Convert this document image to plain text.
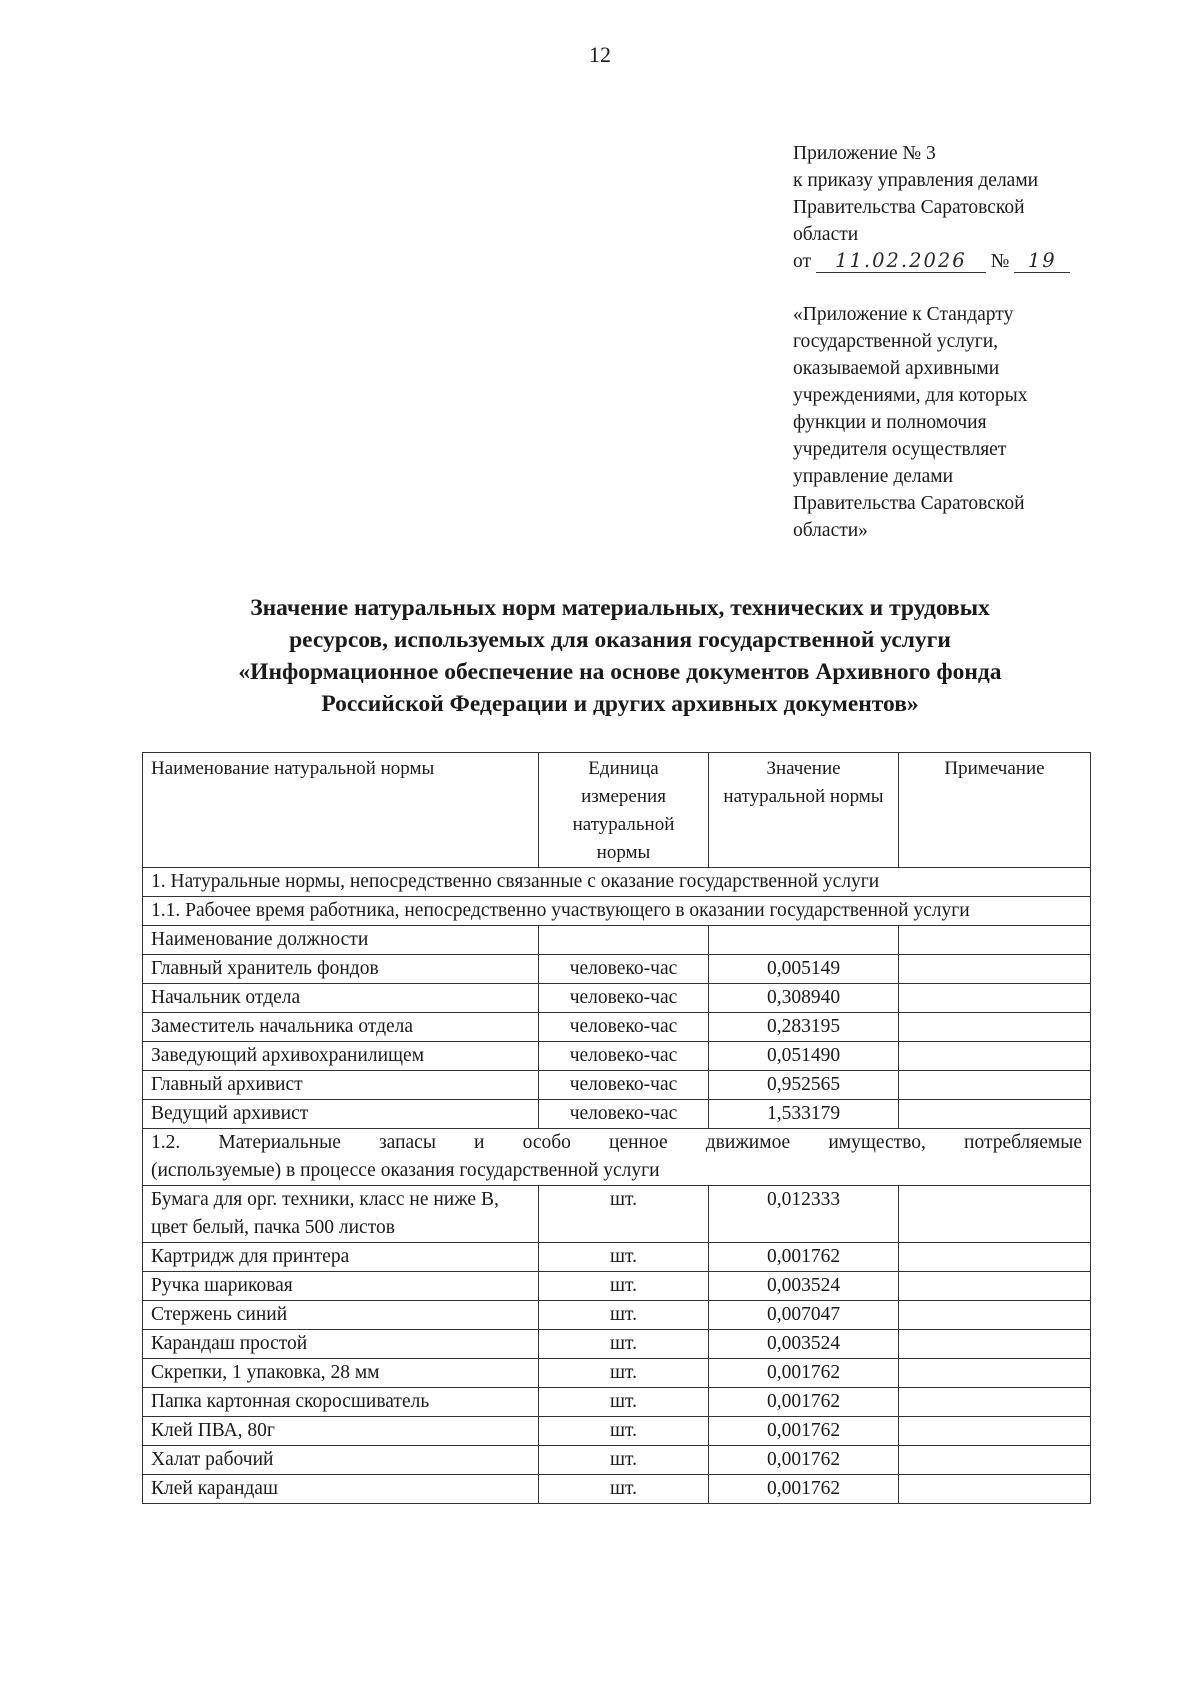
12
Приложение № 3
к приказу управления делами
Правительства Саратовской
области
от 11.02.2026 № 19
«Приложение к Стандарту
государственной услуги,
оказываемой архивными
учреждениями, для которых
функции и полномочия
учредителя осуществляет
управление делами
Правительства Саратовской
области»
Значение натуральных норм материальных, технических и трудовых
ресурсов, используемых для оказания государственной услуги
«Информационное обеспечение на основе документов Архивного фонда
Российской Федерации и других архивных документов»
Наименование натуральной нормы	Единица измерения натуральной нормы	Значение натуральной нормы	Примечание
1. Натуральные нормы, непосредственно связанные с оказание государственной услуги			
1.1. Рабочее время работника, непосредственно участвующего в оказании государственной услуги			
Наименование должности			
Главный хранитель фондов	человеко-час	0,005149	
Начальник отдела	человеко-час	0,308940	
Заместитель начальника отдела	человеко-час	0,283195	
Заведующий архивохранилищем	человеко-час	0,051490	
Главный архивист	человеко-час	0,952565	
Ведущий архивист	человеко-час	1,533179	

1.2. Материальные запасы и особо ценное движимое имущество, потребляемые
(используемые) в процессе оказания государственной услуги			

Бумага для орг. техники, класс не ниже В, цвет белый, пачка 500 листов	шт.	0,012333	
Картридж для принтера	шт.	0,001762	
Ручка шариковая	шт.	0,003524	
Стержень синий	шт.	0,007047	
Карандаш простой	шт.	0,003524	
Скрепки, 1 упаковка, 28 мм	шт.	0,001762	
Папка картонная скоросшиватель	шт.	0,001762	
Клей ПВА, 80г	шт.	0,001762	
Халат рабочий	шт.	0,001762	
Клей карандаш	шт.	0,001762	
